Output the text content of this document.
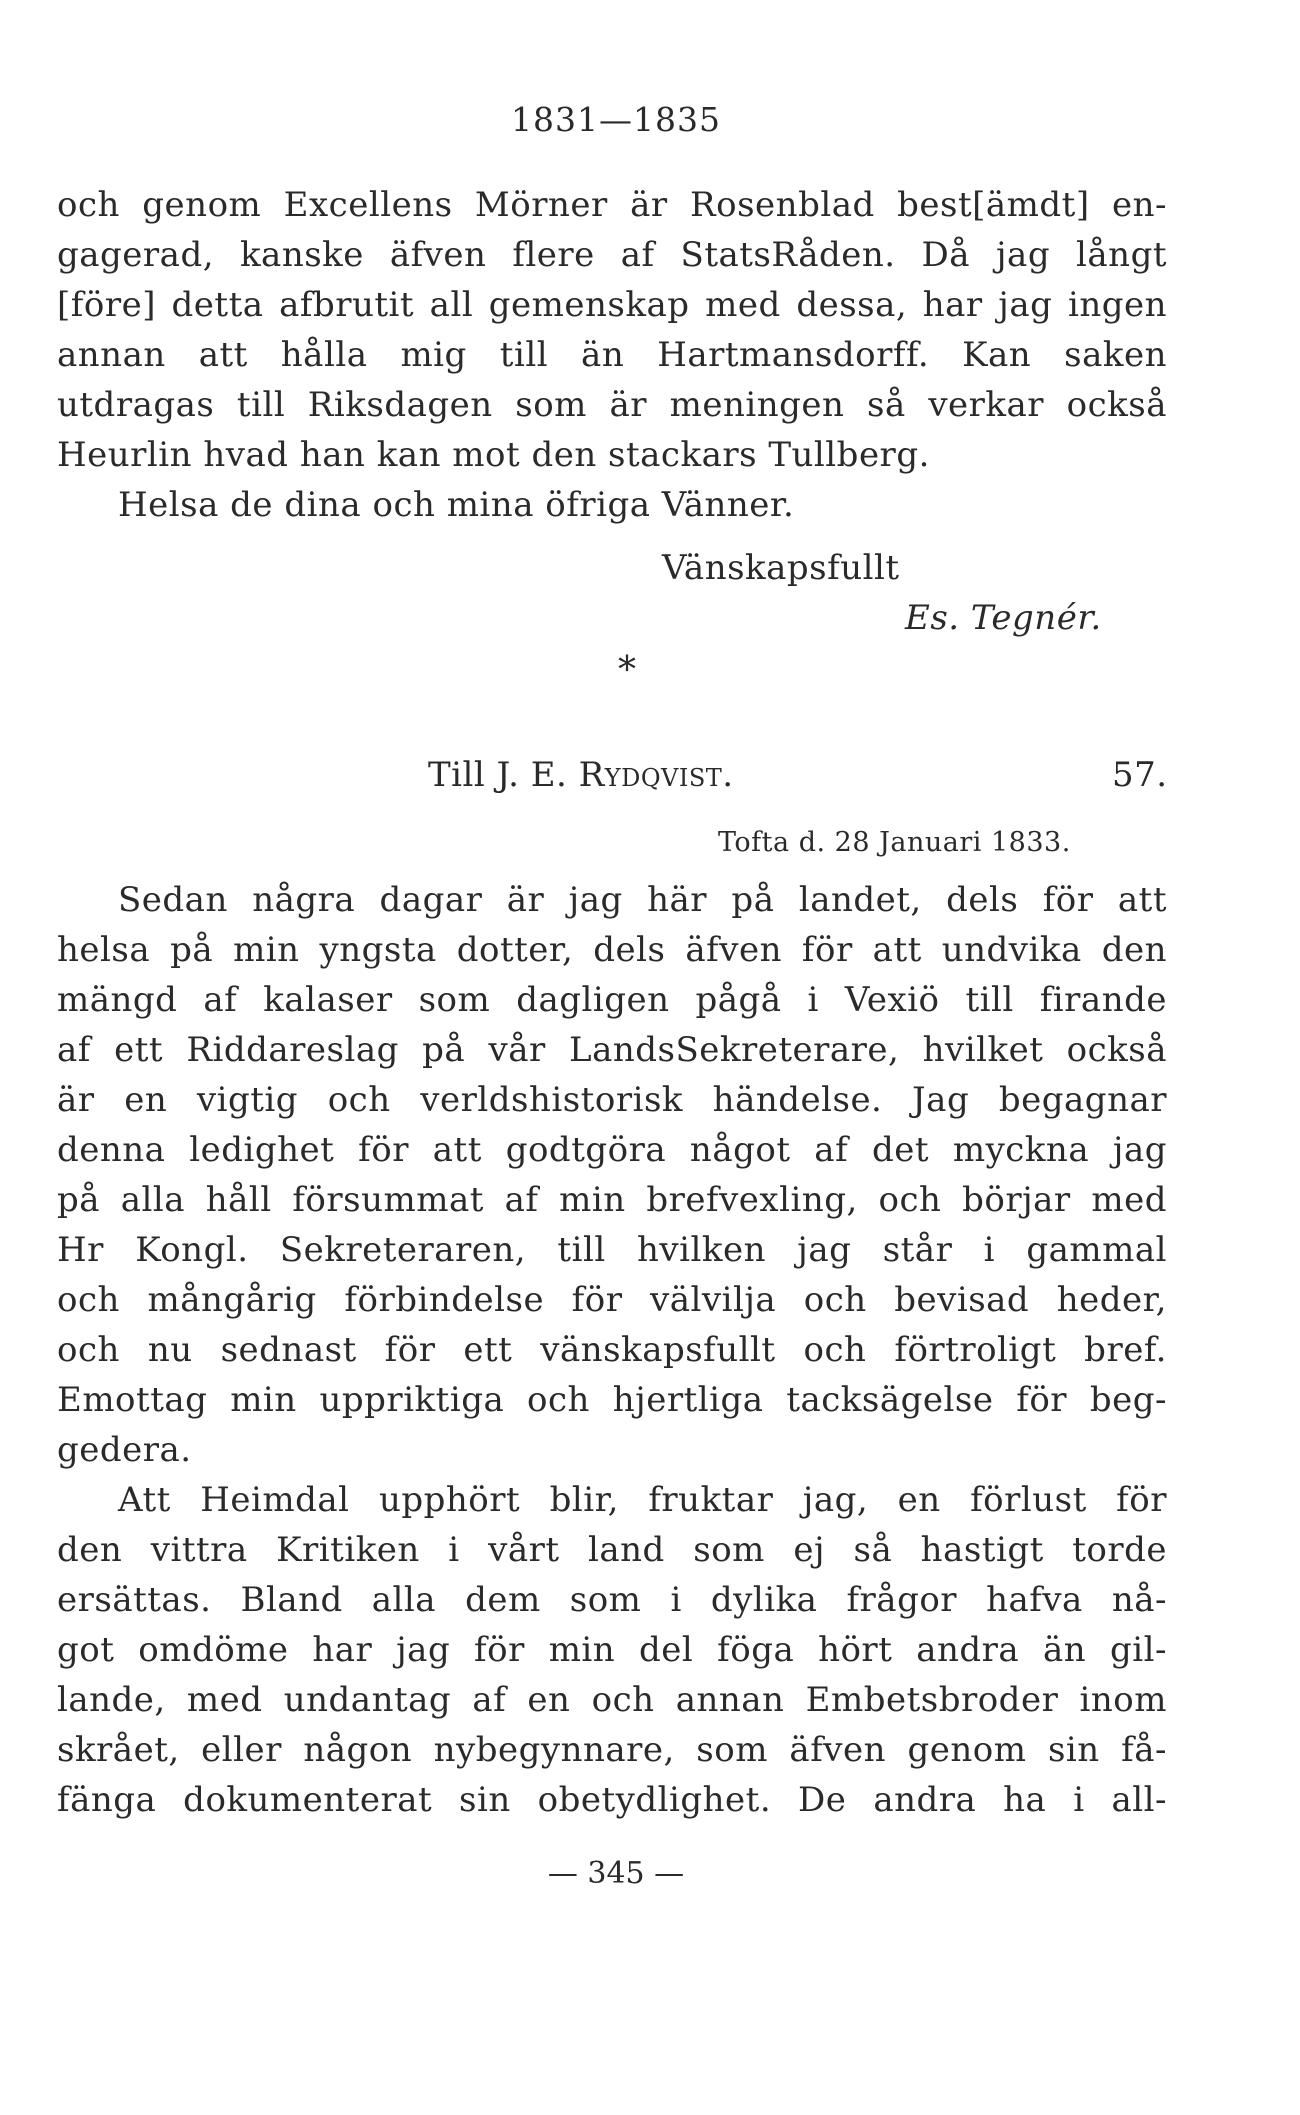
1831—1835
och genom Excellens Mörner är Rosenblad best[ämdt] en-
gagerad, kanske äfven flere af StatsRåden. Då jag långt
[före] detta afbrutit all gemenskap med dessa, har jag ingen
annan att hålla mig till än Hartmansdorff. Kan saken
utdragas till Riksdagen som är meningen så verkar också
Heurlin hvad han kan mot den stackars Tullberg.
Helsa de dina och mina öfriga Vänner.
Vänskapsfullt
Es. Tegnér.
*
Till J. E. Rydqvist.	57.
Tofta d. 28 Januari 1833.
Sedan några dagar är jag här på landet, dels för att
helsa på min yngsta dotter, dels äfven för att undvika den
mängd af kalaser som dagligen pågå i Vexiö till firande
af ett Riddareslag på vår LandsSekreterare, hvilket också
är en vigtig och verldshistorisk händelse. Jag begagnar
denna ledighet för att godtgöra något af det myckna jag
på alla håll försummat af min brefvexling, och börjar med
Hr Kongl. Sekreteraren, till hvilken jag står i gammal
och mångårig förbindelse för välvilja och bevisad heder,
och nu sednast för ett vänskapsfullt och förtroligt bref.
Emottag min uppriktiga och hjertliga tacksägelse för beg-
gedera.
Att Heimdal upphört blir, fruktar jag, en förlust för
den vittra Kritiken i vårt land som ej så hastigt torde
ersättas. Bland alla dem som i dylika frågor hafva nå-
got omdöme har jag för min del föga hört andra än gil-
lande, med undantag af en och annan Embetsbroder inom
skrået, eller någon nybegynnare, som äfven genom sin få-
fänga dokumenterat sin obetydlighet. De andra ha i all-
— 345 —
